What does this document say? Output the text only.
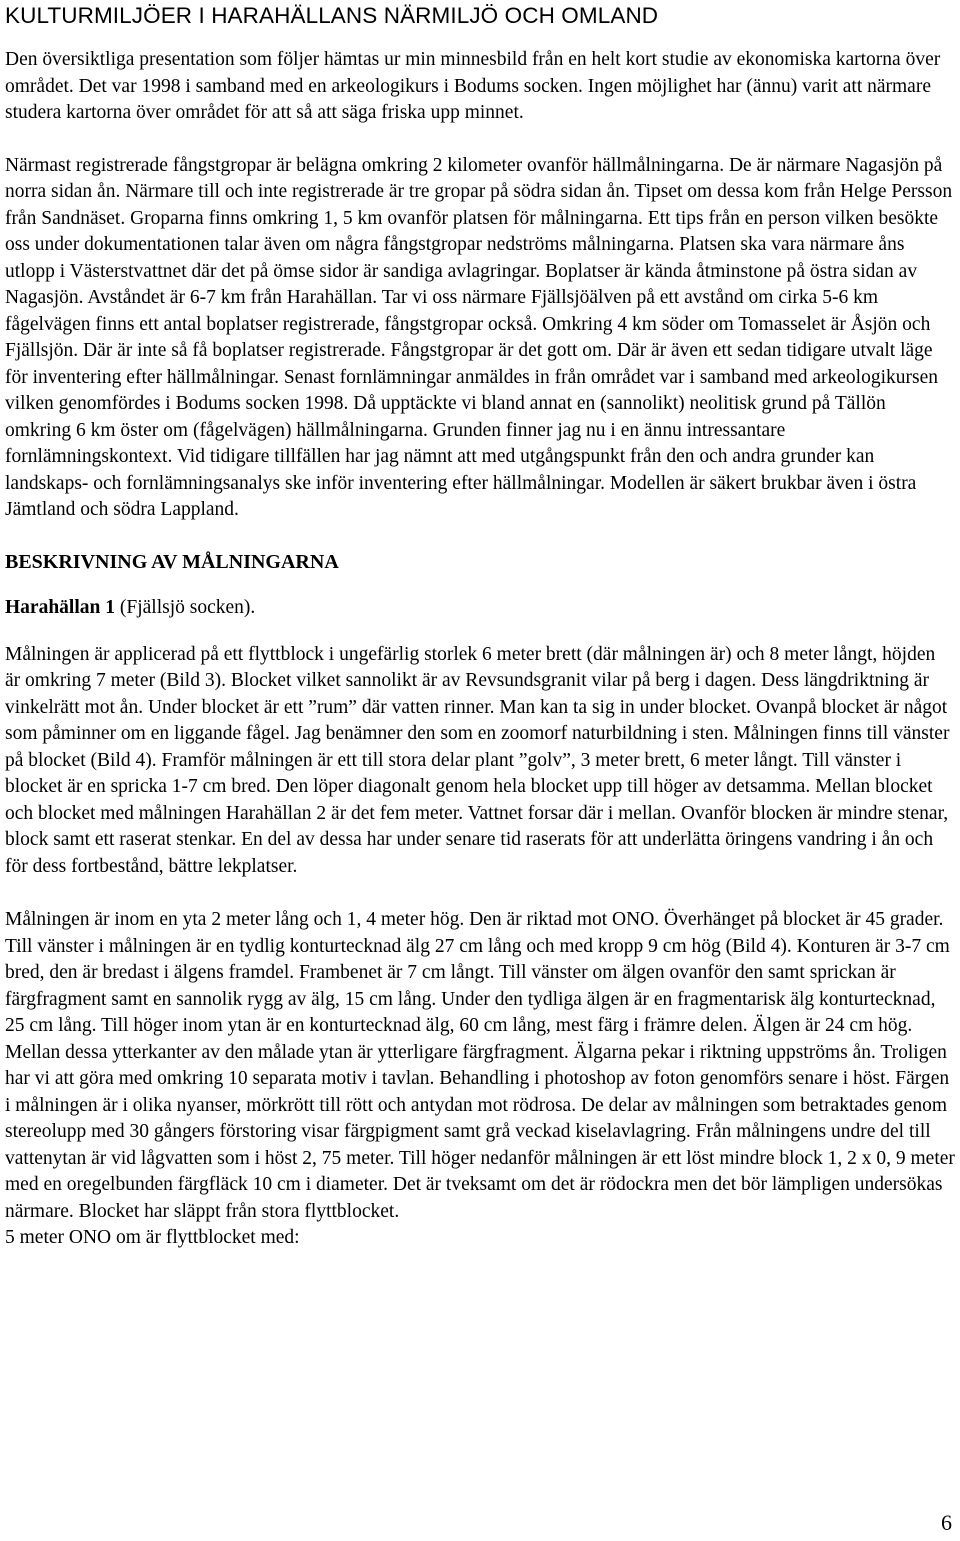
KULTURMILJÖER I HARAHÄLLANS NÄRMILJÖ OCH OMLAND

Den översiktliga presentation som följer hämtas ur min minnesbild från en helt kort studie av ekonomiska kartorna över området. Det var 1998 i samband med en arkeologikurs i Bodums socken. Ingen möjlighet har (ännu) varit att närmare studera kartorna över området för att så att säga friska upp minnet.

Närmast registrerade fångstgropar är belägna omkring 2 kilometer ovanför hällmålningarna. De är närmare Nagasjön på norra sidan ån. Närmare till och inte registrerade är tre gropar på södra sidan ån. Tipset om dessa kom från Helge Persson från Sandnäset. Groparna finns omkring 1, 5 km ovanför platsen för målningarna. Ett tips från en person vilken besökte oss under dokumentationen talar även om några fångstgropar nedströms målningarna. Platsen ska vara närmare åns utlopp i Västerstvattnet där det på ömse sidor är sandiga avlagringar. Boplatser är kända åtminstone på östra sidan av Nagasjön. Avståndet är 6-7 km från Harahällan. Tar vi oss närmare Fjällsjöälven på ett avstånd om cirka 5-6 km fågelvägen finns ett antal boplatser registrerade, fångstgropar också. Omkring 4 km söder om Tomasselet är Åsjön och Fjällsjön. Där är inte så få boplatser registrerade. Fångstgropar är det gott om. Där är även ett sedan tidigare utvalt läge för inventering efter hällmålningar. Senast fornlämningar anmäldes in från området var i samband med arkeologikursen vilken genomfördes i Bodums socken 1998. Då upptäckte vi bland annat en (sannolikt) neolitisk grund på Tällön omkring 6 km öster om (fågelvägen) hällmålningarna. Grunden finner jag nu i en ännu intressantare fornlämningskontext. Vid tidigare tillfällen har jag nämnt att med utgångspunkt från den och andra grunder kan landskaps- och fornlämningsanalys ske inför inventering efter hällmålningar. Modellen är säkert brukbar även i östra Jämtland och södra Lappland.

BESKRIVNING AV MÅLNINGARNA
Harahällan 1 (Fjällsjö socken).

Målningen är applicerad på ett flyttblock i ungefärlig storlek 6 meter brett (där målningen är) och 8 meter långt, höjden är omkring 7 meter (Bild 3). Blocket vilket sannolikt är av Revsundsgranit vilar på berg i dagen. Dess längdriktning är vinkelrätt mot ån. Under blocket är ett ”rum” där vatten rinner. Man kan ta sig in under blocket. Ovanpå blocket är något som påminner om en liggande fågel. Jag benämner den som en zoomorf naturbildning i sten. Målningen finns till vänster på blocket (Bild 4). Framför målningen är ett till stora delar plant ”golv”, 3 meter brett, 6 meter långt. Till vänster i blocket är en spricka 1-7 cm bred. Den löper diagonalt genom hela blocket upp till höger av detsamma. Mellan blocket och blocket med målningen Harahällan 2 är det fem meter. Vattnet forsar där i mellan. Ovanför blocken är mindre stenar, block samt ett raserat stenkar. En del av dessa har under senare tid raserats för att underlätta öringens vandring i ån och för dess fortbestånd, bättre lekplatser.

Målningen är inom en yta 2 meter lång och 1, 4 meter hög. Den är riktad mot ONO. Överhänget på blocket är 45 grader. Till vänster i målningen är en tydlig konturtecknad älg 27 cm lång och med kropp 9 cm hög (Bild 4). Konturen är 3-7 cm bred, den är bredast i älgens framdel. Frambenet är 7 cm långt. Till vänster om älgen ovanför den samt sprickan är färgfragment samt en sannolik rygg av älg, 15 cm lång. Under den tydliga älgen är en fragmentarisk älg konturtecknad, 25 cm lång. Till höger inom ytan är en konturtecknad älg, 60 cm lång, mest färg i främre delen. Älgen är 24 cm hög. Mellan dessa ytterkanter av den målade ytan är ytterligare färgfragment. Älgarna pekar i riktning uppströms ån. Troligen har vi att göra med omkring 10 separata motiv i tavlan. Behandling i photoshop av foton genomförs senare i höst. Färgen i målningen är i olika nyanser, mörkrött till rött och antydan mot rödrosa. De delar av målningen som betraktades genom stereolupp med 30 gångers förstoring visar färgpigment samt grå veckad kiselavlagring. Från målningens undre del till vattenytan är vid lågvatten som i höst 2, 75 meter. Till höger nedanför målningen är ett löst mindre block 1, 2 x 0, 9 meter med en oregelbunden färgfläck 10 cm i diameter. Det är tveksamt om det är rödockra men det bör lämpligen undersökas närmare. Blocket har släppt från stora flyttblocket.

5 meter ONO om är flyttblocket med:

6
